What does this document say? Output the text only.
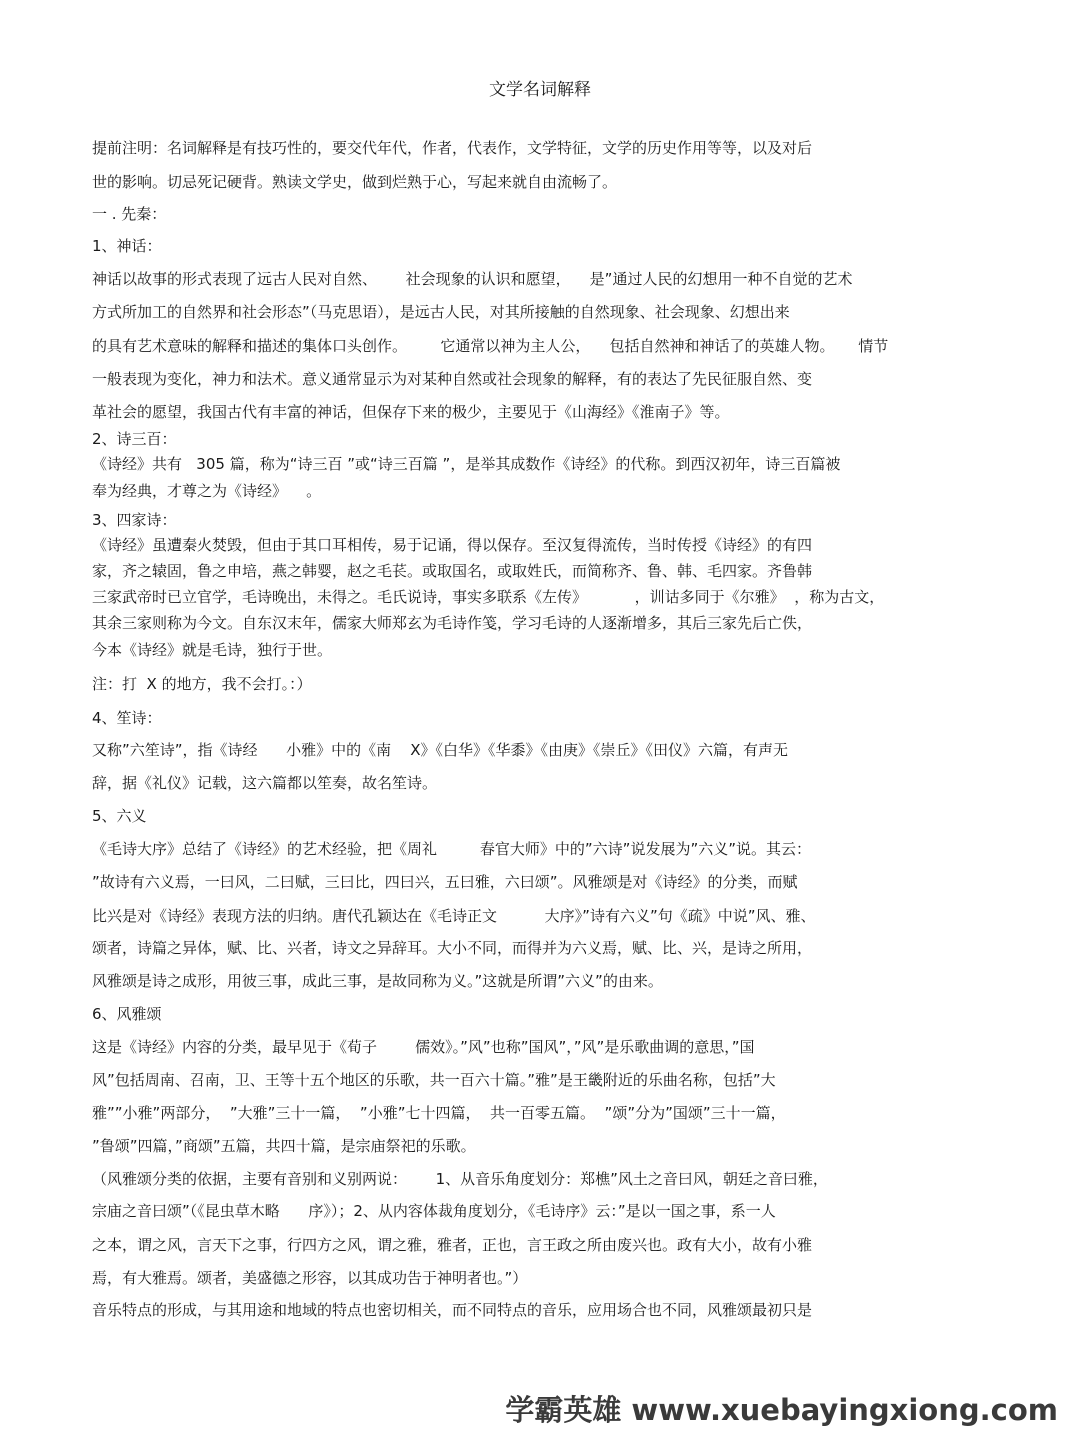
文学名词解释
提前注明：名词解释是有技巧性的，要交代年代，作者，代表作，文学特征，文学的历史作用等等，以及对后
世的影响。切忌死记硬背。熟读文学史，做到烂熟于心，写起来就自由流畅了。
一 . 先秦：
1、神话：
神话以故事的形式表现了远古人民对自然、      社会现象的认识和愿望，    是”通过人民的幻想用一种不自觉的艺术
方式所加工的自然界和社会形态”（马克思语），是远古人民，对其所接触的自然现象、社会现象、幻想出来
的具有艺术意味的解释和描述的集体口头创作。       它通常以神为主人公，    包括自然神和神话了的英雄人物。     情节
一般表现为变化，神力和法术。意义通常显示为对某种自然或社会现象的解释，有的表达了先民征服自然、变
革社会的愿望，我国古代有丰富的神话，但保存下来的极少，主要见于《山海经》《淮南子》等。
2、诗三百：
《诗经》共有   305 篇，称为“诗三百 ”或“诗三百篇 ”，是举其成数作《诗经》的代称。到西汉初年，诗三百篇被
奉为经典，才尊之为《诗经》    。
3、四家诗：
《诗经》虽遭秦火焚毁，但由于其口耳相传，易于记诵，得以保存。至汉复得流传，当时传授《诗经》的有四
家，齐之辕固，鲁之申培，燕之韩婴，赵之毛苌。或取国名，或取姓氏，而简称齐、鲁、韩、毛四家。齐鲁韩
三家武帝时已立官学，毛诗晚出，未得之。毛氏说诗，事实多联系《左传》          ，训诂多同于《尔雅》  ，称为古文，
其余三家则称为今文。自东汉末年，儒家大师郑玄为毛诗作笺，学习毛诗的人逐渐增多，其后三家先后亡佚，
今本《诗经》就是毛诗，独行于世。
注：打  X 的地方，我不会打。：）
4、笙诗：
又称”六笙诗”，指《诗经      小雅》中的《南    X》《白华》《华黍》《由庚》《崇丘》《田仪》六篇，有声无
辞，据《礼仪》记载，这六篇都以笙奏，故名笙诗。
5、六义
《毛诗大序》总结了《诗经》的艺术经验，把《周礼         春官大师》中的”六诗”说发展为”六义”说。其云：
”故诗有六义焉，一曰风，二曰赋，三曰比，四曰兴，五曰雅，六曰颂”。风雅颂是对《诗经》的分类，而赋
比兴是对《诗经》表现方法的归纳。唐代孔颖达在《毛诗正文          大序》”诗有六义”句《疏》中说”风、雅、
颂者，诗篇之异体，赋、比、兴者，诗文之异辞耳。大小不同，而得并为六义焉，赋、比、兴，是诗之所用，
风雅颂是诗之成形，用彼三事，成此三事，是故同称为义。”这就是所谓”六义”的由来。
6、风雅颂
这是《诗经》内容的分类，最早见于《荀子        儒效》。”风”也称”国风”，”风”是乐歌曲调的意思，”国
风”包括周南、召南，卫、王等十五个地区的乐歌，共一百六十篇。”雅”是王畿附近的乐曲名称，包括”大
雅””小雅”两部分，  ”大雅”三十一篇，  ”小雅”七十四篇，  共一百零五篇。  ”颂”分为”国颂”三十一篇，
”鲁颂”四篇，”商颂”五篇，共四十篇，是宗庙祭祀的乐歌。
（风雅颂分类的依据，主要有音别和义别两说：      1、从音乐角度划分：郑樵”风土之音曰风，朝廷之音曰雅，
宗庙之音曰颂”（《昆虫草木略      序》）；2、从内容体裁角度划分，《毛诗序》云：”是以一国之事，系一人
之本，谓之风，言天下之事，行四方之风，谓之雅，雅者，正也，言王政之所由废兴也。政有大小，故有小雅
焉，有大雅焉。颂者，美盛德之形容，以其成功告于神明者也。”）
音乐特点的形成，与其用途和地域的特点也密切相关，而不同特点的音乐，应用场合也不同，风雅颂最初只是
学霸英雄 www.xuebayingxiong.com
